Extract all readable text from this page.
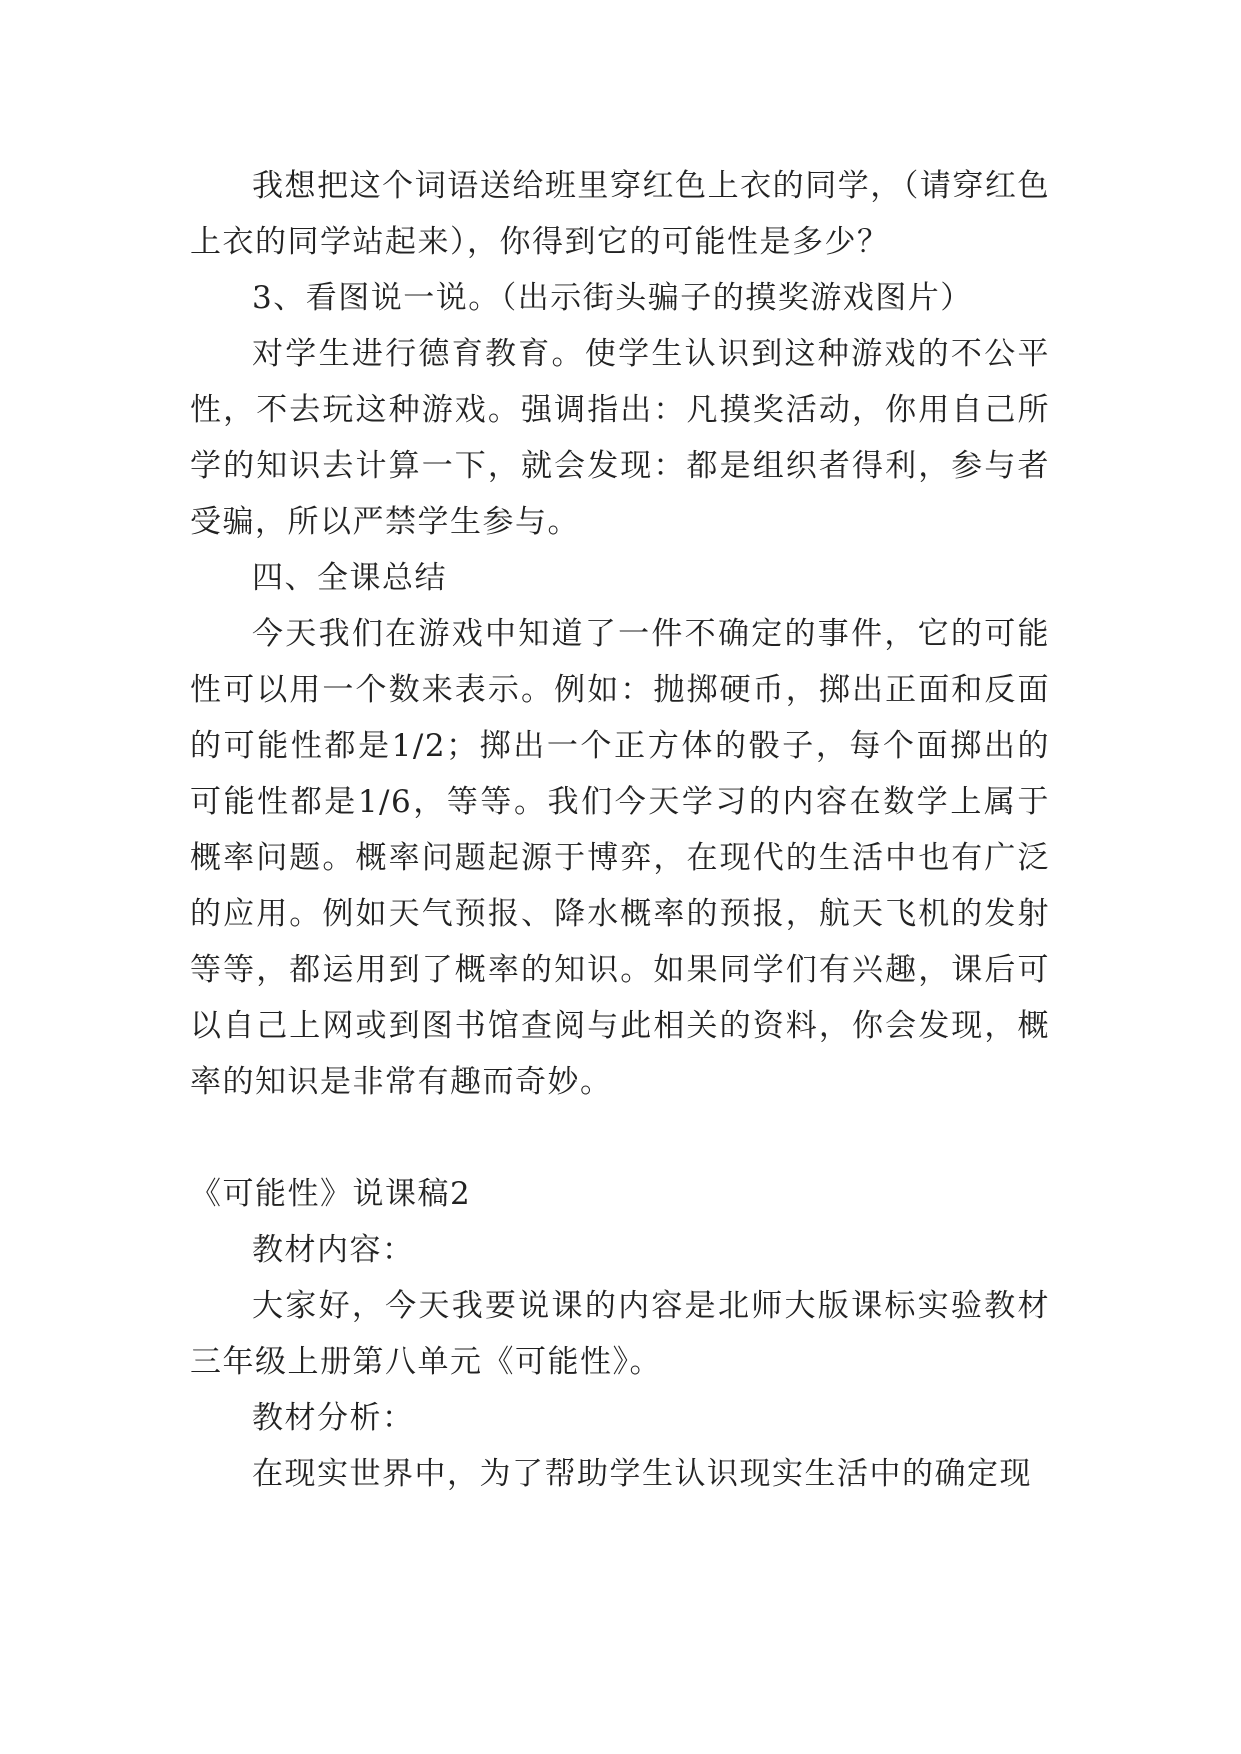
我想把这个词语送给班里穿红色上衣的同学，（请穿红色上衣的同学站起来），你得到它的可能性是多少？

3、看图说一说。（出示街头骗子的摸奖游戏图片）

对学生进行德育教育。使学生认识到这种游戏的不公平性，不去玩这种游戏。强调指出：凡摸奖活动，你用自己所学的知识去计算一下，就会发现：都是组织者得利，参与者受骗，所以严禁学生参与。

四、全课总结

今天我们在游戏中知道了一件不确定的事件，它的可能性可以用一个数来表示。例如：抛掷硬币，掷出正面和反面的可能性都是1/2；掷出一个正方体的骰子，每个面掷出的可能性都是1/6，等等。我们今天学习的内容在数学上属于概率问题。概率问题起源于博弈，在现代的生活中也有广泛的应用。例如天气预报、降水概率的预报，航天飞机的发射等等，都运用到了概率的知识。如果同学们有兴趣，课后可以自己上网或到图书馆查阅与此相关的资料，你会发现，概率的知识是非常有趣而奇妙。

《可能性》说课稿2

教材内容：

大家好，今天我要说课的内容是北师大版课标实验教材三年级上册第八单元《可能性》。

教材分析：

在现实世界中，为了帮助学生认识现实生活中的确定现
